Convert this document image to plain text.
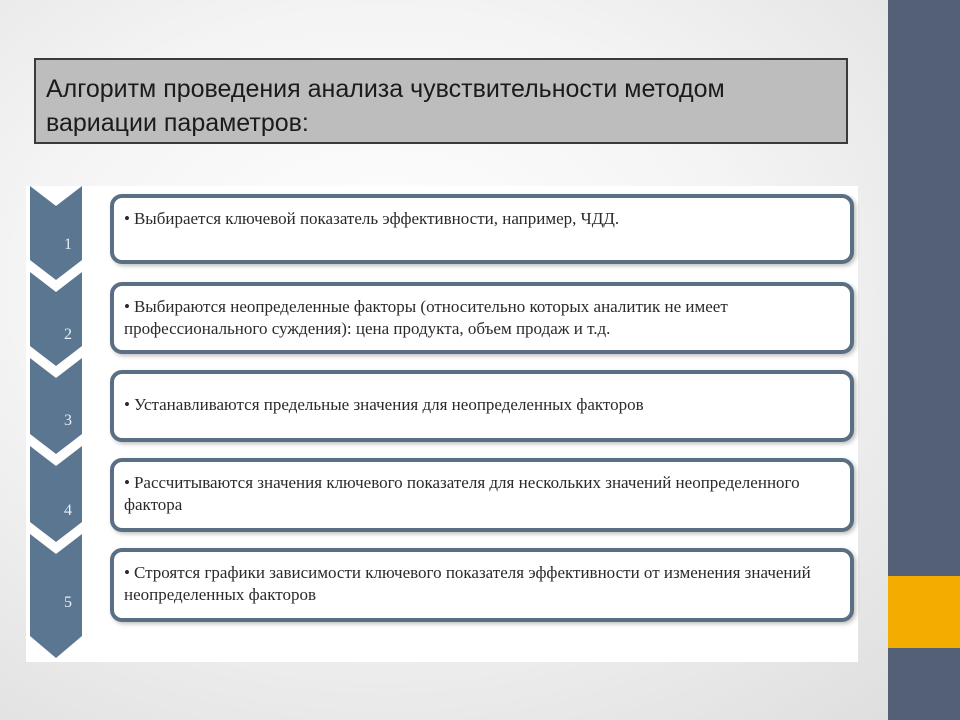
Алгоритм проведения анализа чувствительности методом вариации параметров:

1
2
3
4
5

• Выбирается ключевой показатель эффективности, например, ЧДД.

• Выбираются неопределенные факторы (относительно которых аналитик не имеет профессионального суждения): цена продукта, объем продаж и т.д.

• Устанавливаются предельные значения для неопределенных факторов

• Рассчитываются значения ключевого показателя для нескольких значений неопределенного фактора

• Строятся графики зависимости ключевого показателя эффективности от изменения значений неопределенных факторов
